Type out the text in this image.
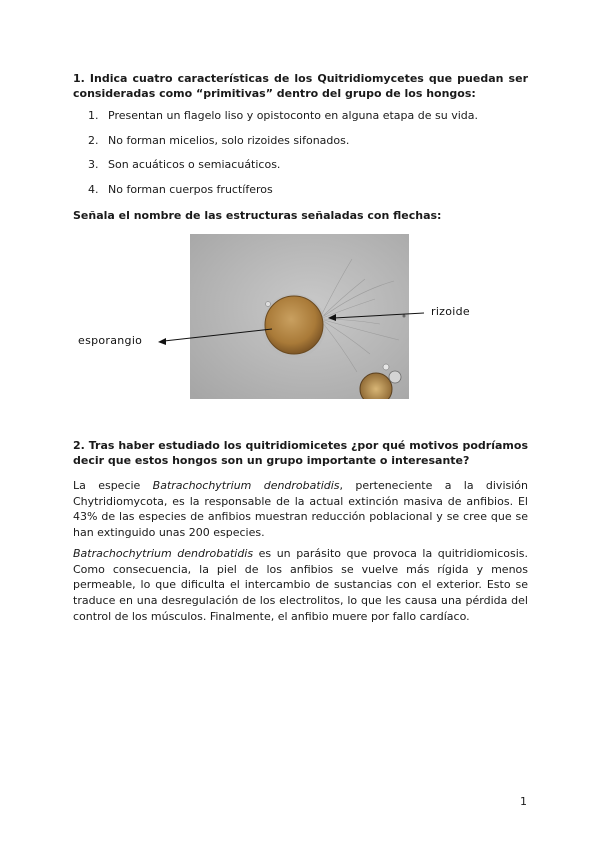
1. Indica cuatro características de los Quitridiomycetes que puedan ser consideradas como “primitivas” dentro del grupo de los hongos:
1. Presentan un flagelo liso y opistoconto en alguna etapa de su vida.
2. No forman micelios, solo rizoides sifonados.
3. Son acuáticos o semiacuáticos.
4. No forman cuerpos fructíferos
Señala el nombre de las estructuras señaladas con flechas:
esporangio
rizoide
2. Tras haber estudiado los quitridiomicetes ¿por qué motivos podríamos decir que estos hongos son un grupo importante o interesante?

La especie Batrachochytrium dendrobatidis, perteneciente a la división Chytridiomycota, es la responsable de la actual extinción masiva de anfibios. El 43% de las especies de anfibios muestran reducción poblacional y se cree que se han extinguido unas 200 especies.

Batrachochytrium dendrobatidis es un parásito que provoca la quitridiomicosis. Como consecuencia, la piel de los anfibios se vuelve más rígida y menos permeable, lo que dificulta el intercambio de sustancias con el exterior. Esto se traduce en una desregulación de los electrolitos, lo que les causa una pérdida del control de los músculos. Finalmente, el anfibio muere por fallo cardíaco.

1
